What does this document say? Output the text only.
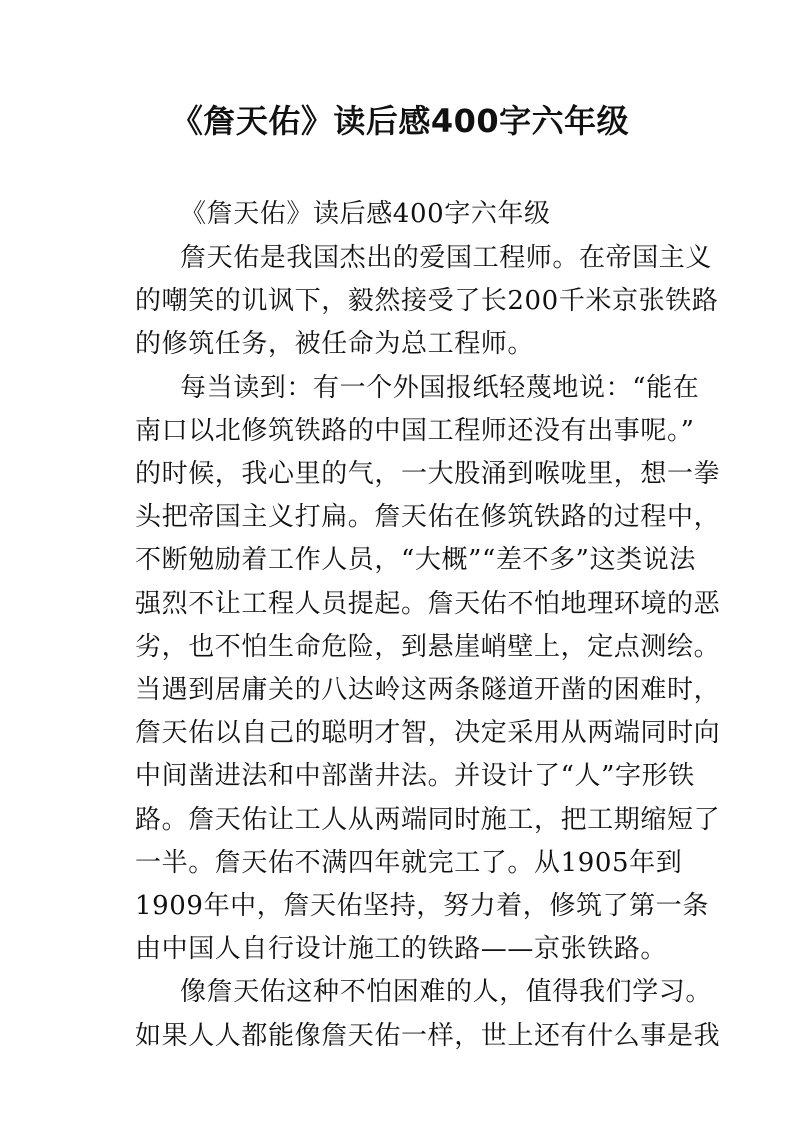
《詹天佑》读后感400字六年级
《詹天佑》读后感400字六年级
詹天佑是我国杰出的爱国工程师。在帝国主义
的嘲笑的讥讽下，毅然接受了长200千米京张铁路
的修筑任务，被任命为总工程师。
每当读到：有一个外国报纸轻蔑地说：“能在
南口以北修筑铁路的中国工程师还没有出事呢。”
的时候，我心里的气，一大股涌到喉咙里，想一拳
头把帝国主义打扁。詹天佑在修筑铁路的过程中，
不断勉励着工作人员，“大概”“差不多”这类说法
强烈不让工程人员提起。詹天佑不怕地理环境的恶
劣，也不怕生命危险，到悬崖峭壁上，定点测绘。
当遇到居庸关的八达岭这两条隧道开凿的困难时，
詹天佑以自己的聪明才智，决定采用从两端同时向
中间凿进法和中部凿井法。并设计了“人”字形铁
路。詹天佑让工人从两端同时施工，把工期缩短了
一半。詹天佑不满四年就完工了。从1905年到
1909年中，詹天佑坚持，努力着，修筑了第一条
由中国人自行设计施工的铁路——京张铁路。
像詹天佑这种不怕困难的人，值得我们学习。
如果人人都能像詹天佑一样，世上还有什么事是我
